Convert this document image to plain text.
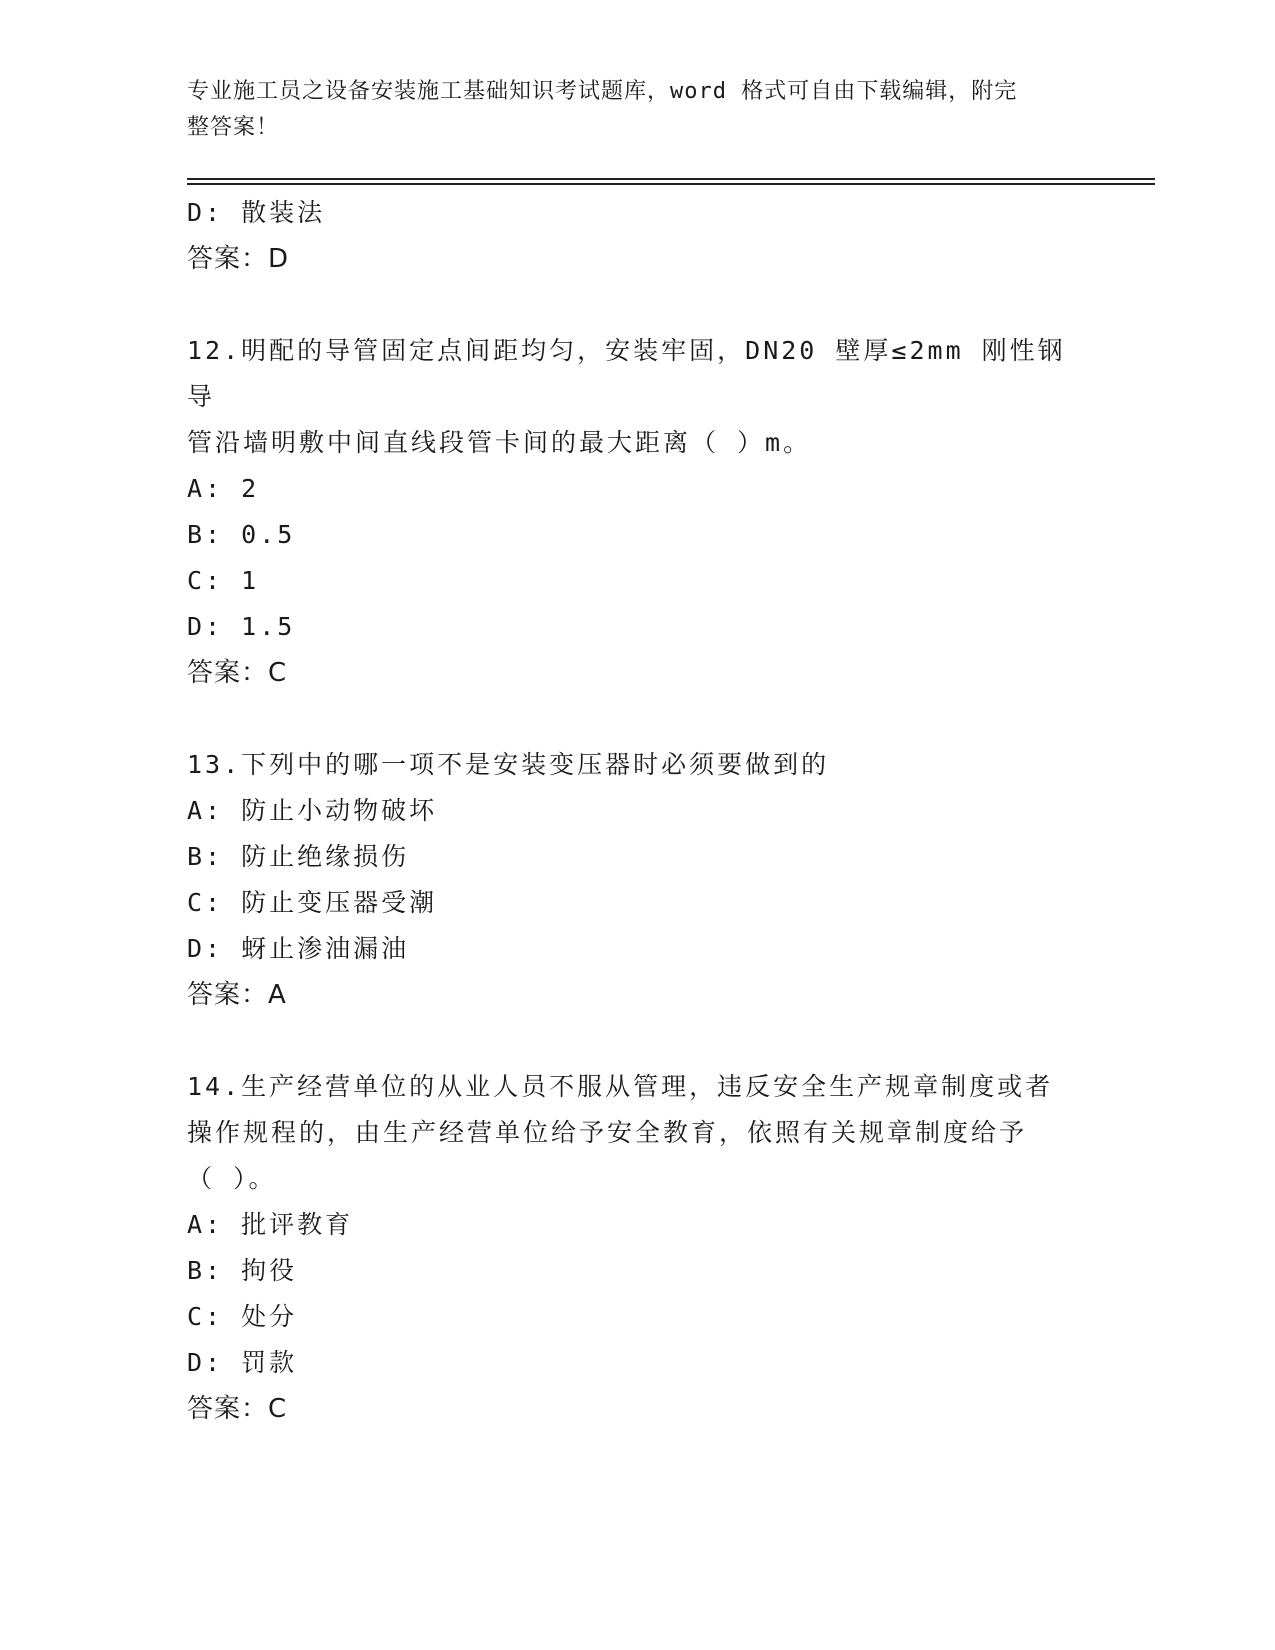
专业施工员之设备安装施工基础知识考试题库，word 格式可自由下载编辑，附完
整答案！
D: 散装法
答案：D
12.明配的导管固定点间距均匀，安装牢固，DN20 壁厚≤2mm 刚性钢导
管沿墙明敷中间直线段管卡间的最大距离（ ）m。
A: 2
B: 0.5
C: 1
D: 1.5
答案：C
13.下列中的哪一项不是安装变压器时必须要做到的
A: 防止小动物破坏
B: 防止绝缘损伤
C: 防止变压器受潮
D: 蚜止渗油漏油
答案：A
14.生产经营单位的从业人员不服从管理，违反安全生产规章制度或者
操作规程的，由生产经营单位给予安全教育，依照有关规章制度给予
（ ）。
A: 批评教育
B: 拘役
C: 处分
D: 罚款
答案：C
